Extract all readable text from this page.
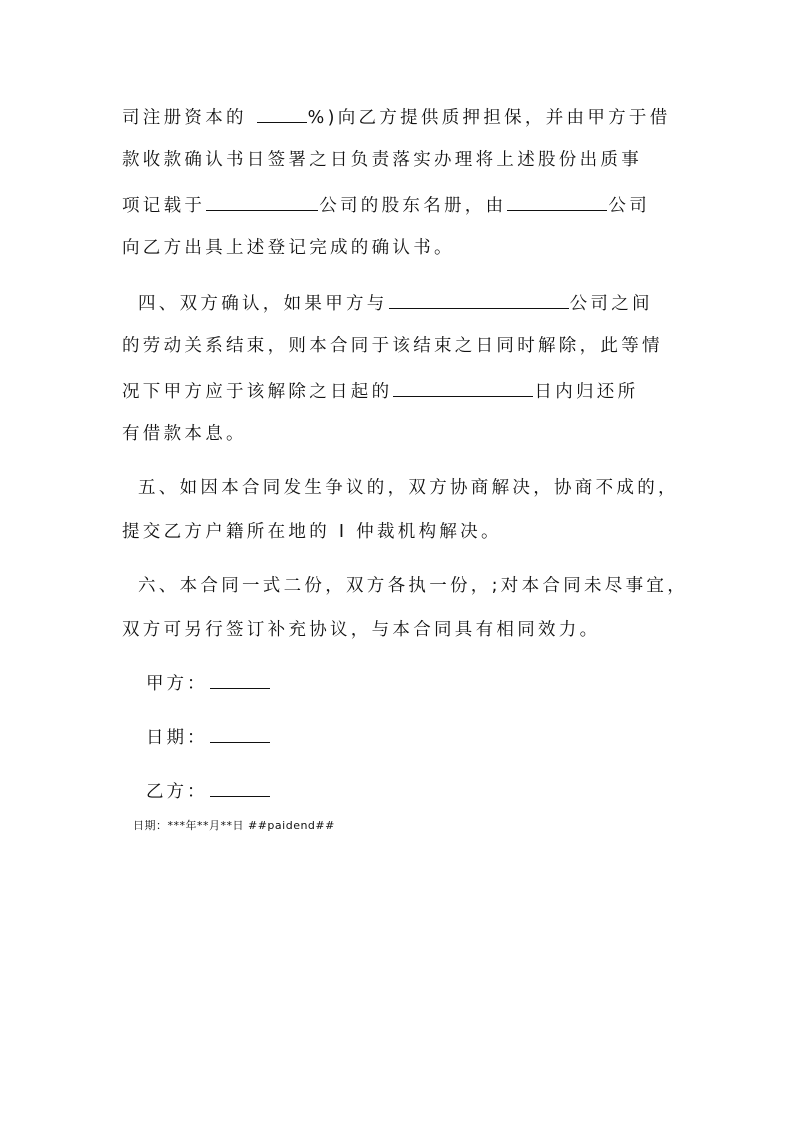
司注册资本的	%)向乙方提供质押担保，并由甲方于借
款收款确认书日签署之日负责落实办理将上述股份出质事
项记载于	公司的股东名册，由	公司
向乙方出具上述登记完成的确认书。
四、双方确认，如果甲方与	公司之间
的劳动关系结束，则本合同于该结束之日同时解除，此等情
况下甲方应于该解除之日起的	日内归还所
有借款本息。
五、如因本合同发生争议的，双方协商解决，协商不成的，
提交乙方户籍所在地的 I 仲裁机构解决。
六、本合同一式二份，双方各执一份，;对本合同未尽事宜，
双方可另行签订补充协议，与本合同具有相同效力。
甲方：
日期：
乙方：
日期：***年**月**日 ##paidend##
